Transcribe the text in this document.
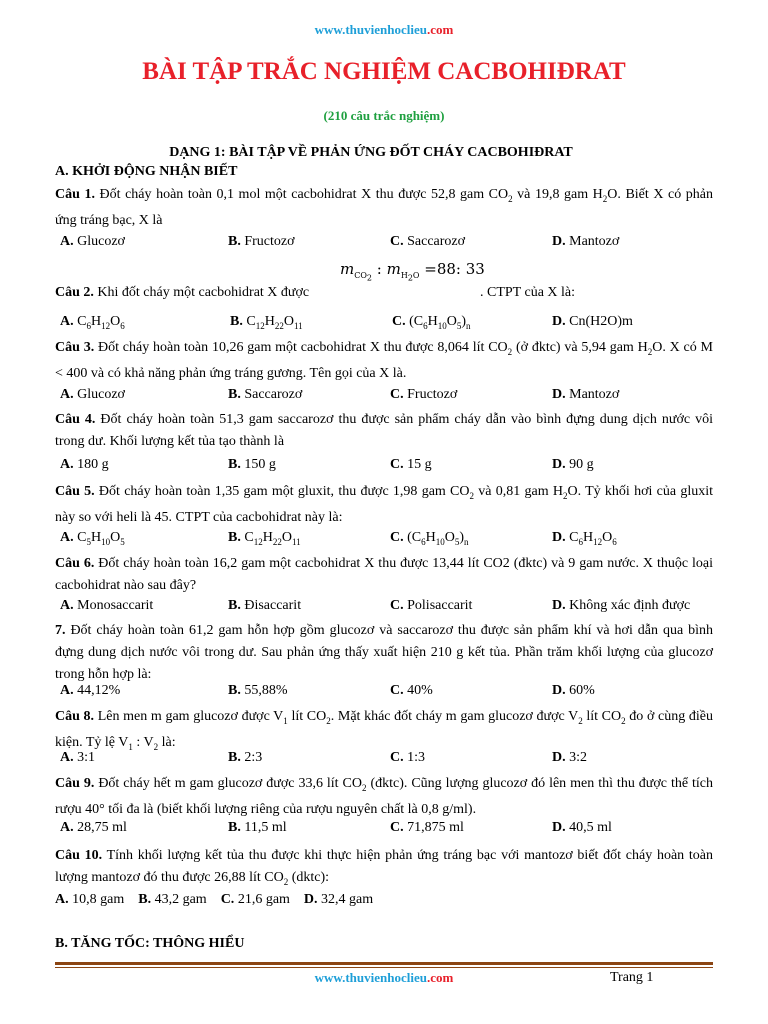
www.thuvienhoclieu.com
BÀI TẬP TRẮC NGHIỆM CACBOHIĐRAT
(210 câu trắc nghiệm)
DẠNG 1: BÀI TẬP VỀ PHẢN ỨNG ĐỐT CHÁY CACBOHIĐRAT
A. KHỞI ĐỘNG NHẬN BIẾT
Câu 1. Đốt cháy hoàn toàn 0,1 mol một cacbohidrat X thu được 52,8 gam $CO_2$ và 19,8 gam $H_2O$. Biết X có phản ứng tráng bạc, X là
A. Glucozơ	B. Fructozơ	C. Saccarozơ	D. Mantozơ
$m_{CO_2}$ : $m_{H_2O} =88$: 33
Câu 2. Khi đốt cháy một cacbohidrat X được	. CTPT của X là:
A. $C_6H_{12}O_6$	B. $C_{12}H_{22}O_{11}$	C. $(C_6H_{10}O_5)_n$	D. Cn(H2O)m
Câu 3. Đốt cháy hoàn toàn 10,26 gam một cacbohidrat X thu được 8,064 lít $CO_2$ (ở đktc) và 5,94 gam $H_2O$. X có M < 400 và có khả năng phản ứng tráng gương. Tên gọi của X là.
A. Glucozơ	B. Saccarozơ	C. Fructozơ	D. Mantozơ
Câu 4. Đốt cháy hoàn toàn 51,3 gam saccarozơ thu được sản phẩm cháy dẫn vào bình đựng dung dịch nước vôi trong dư. Khối lượng kết tủa tạo thành là
A. 180 g	B. 150 g	C. 15 g	D. 90 g
Câu 5. Đốt cháy hoàn toàn 1,35 gam một gluxit, thu được 1,98 gam $CO_2$ và 0,81 gam $H_2O$. Tỷ khối hơi của gluxit này so với heli là 45. CTPT của cacbohidrat này là:
A. $C_5H_{10}O_5$	B. $C_{12}H_{22}O_{11}$	C. $(C_6H_{10}O_5)_n$	D. $C_6H_{12}O_6$
Câu 6. Đốt cháy hoàn toàn 16,2 gam một cacbohidrat X thu được 13,44 lít CO2 (đktc) và 9 gam nước. X thuộc loại cacbohidrat nào sau đây?
A. Monosaccarit	B. Đisaccarit	C. Polisaccarit	D. Không xác định được
7. Đốt cháy hoàn toàn 61,2 gam hỗn hợp gồm glucozơ và saccarozơ thu được sản phẩm khí và hơi dẫn qua bình đựng dung dịch nước vôi trong dư. Sau phản ứng thấy xuất hiện 210 g kết tủa. Phần trăm khối lượng của glucozơ trong hỗn hợp là:
A. 44,12%	B. 55,88%	C. 40%	D. 60%
Câu 8. Lên men m gam glucozơ được $V_1$ lít $CO_2$. Mặt khác đốt cháy m gam glucozơ được $V_2$ lít $CO_2$ đo ở cùng điều kiện. Tỷ lệ $V_1$ : $V_2$ là:
A. 3:1	B. 2:3	C. 1:3	D. 3:2
Câu 9. Đốt cháy hết m gam glucozơ được 33,6 lít $CO_2$ (đktc). Cũng lượng glucozơ đó lên men thì thu được thể tích rượu 40° tối đa là (biết khối lượng riêng của rượu nguyên chất là 0,8 g/ml).
A. 28,75 ml	B. 11,5 ml	C. 71,875 ml	D. 40,5 ml
Câu 10. Tính khối lượng kết tủa thu được khi thực hiện phản ứng tráng bạc với mantozơ biết đốt cháy hoàn toàn lượng mantozơ đó thu được 26,88 lít $CO_2$ (dktc):
A. 10,8 gam B. 43,2 gam C. 21,6 gam D. 32,4 gam
B. TĂNG TỐC: THÔNG HIỂU
www.thuvienhoclieu.com	Trang 1
